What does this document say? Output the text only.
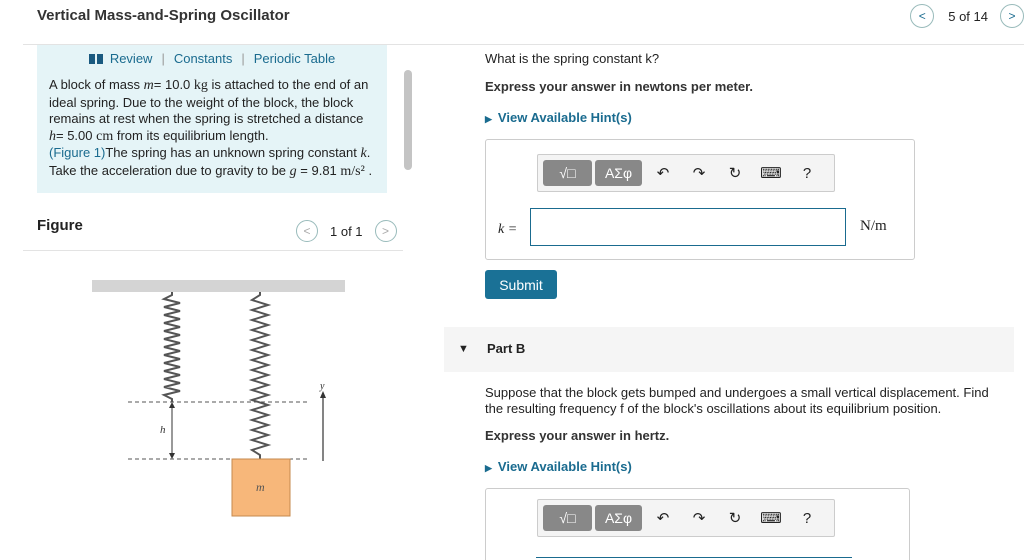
Vertical Mass-and-Spring Oscillator	<	5 of 14	>
Review | Constants | Periodic Table
A block of mass m= 10.0 kg is attached to the end of an ideal spring. Due to the weight of the block, the block remains at rest when the spring is stretched a distance h= 5.00 cm from its equilibrium length.
(Figure 1)The spring has an unknown spring constant k. Take the acceleration due to gravity to be g = 9.81 m/s² .
Figure	<	1 of 1	>
h
y
m
What is the spring constant k?
Express your answer in newtons per meter.
▶ View Available Hint(s)
√□	ΑΣφ	↶	↷	↻	⌨	?
k =	N/m
Submit
▼ Part B
Suppose that the block gets bumped and undergoes a small vertical displacement. Find the resulting frequency f of the block's oscillations about its equilibrium position.
Express your answer in hertz.
▶ View Available Hint(s)
√□	ΑΣφ	↶	↷	↻	⌨	?
